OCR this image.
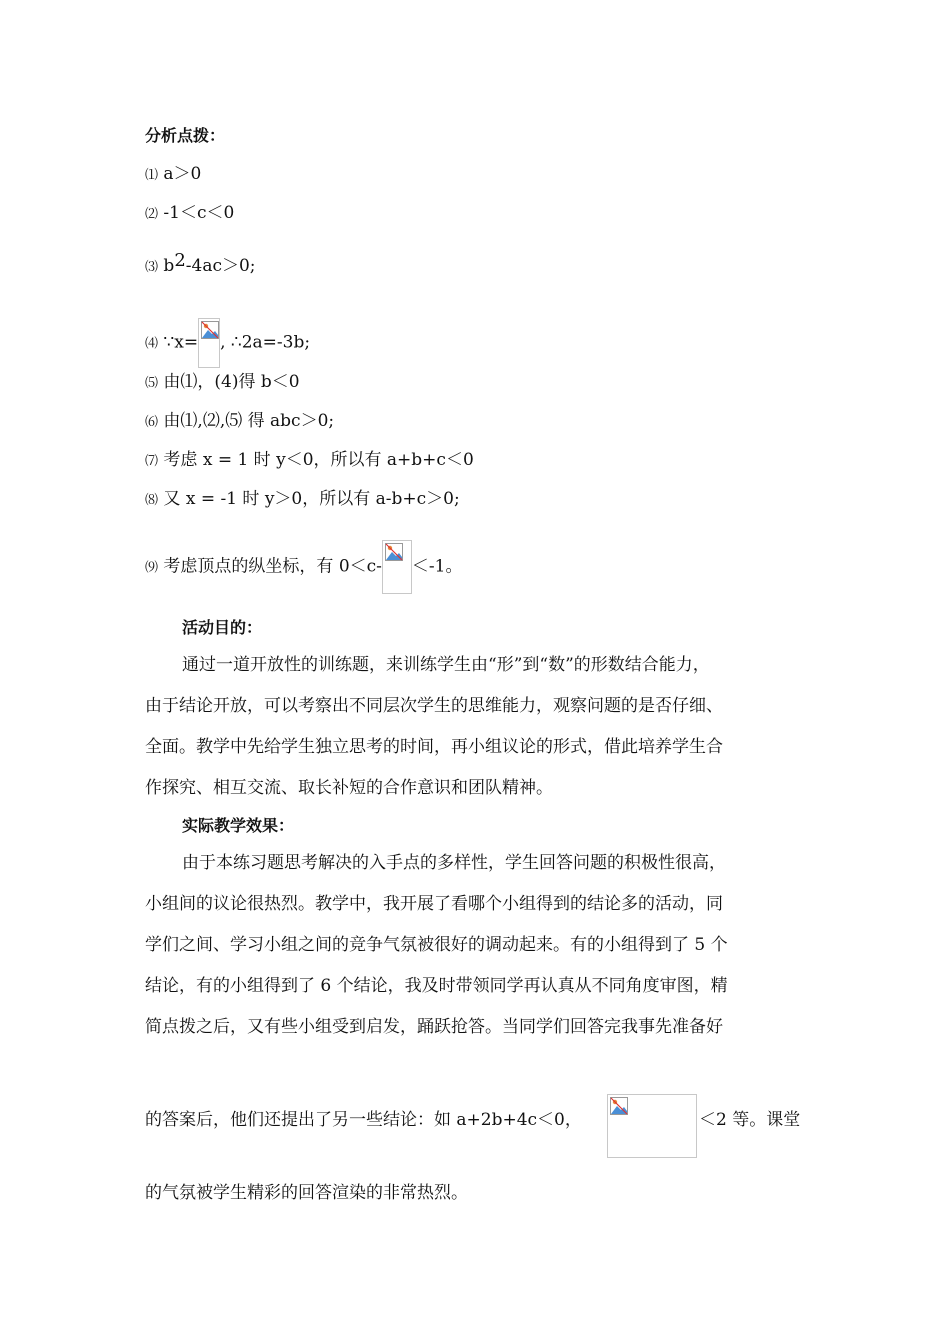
分析点拨：
⑴ a＞0
⑵ -1＜c＜0
⑶ b2-4ac＞0;
⑷ ∵x= , ∴2a=-3b;
⑸ 由⑴，(4)得 b＜0
⑹ 由⑴,⑵,⑸ 得 abc＞0;
⑺ 考虑 x = 1 时 y＜0，所以有 a+b+c＜0
⑻ 又 x = -1 时 y＞0，所以有 a-b+c＞0;
⑼ 考虑顶点的纵坐标，有 0＜c- ＜-1。
活动目的：
通过一道开放性的训练题，来训练学生由“形”到“数”的形数结合能力，
由于结论开放，可以考察出不同层次学生的思维能力，观察问题的是否仔细、
全面。教学中先给学生独立思考的时间，再小组议论的形式，借此培养学生合
作探究、相互交流、取长补短的合作意识和团队精神。
实际教学效果：
由于本练习题思考解决的入手点的多样性，学生回答问题的积极性很高，
小组间的议论很热烈。教学中，我开展了看哪个小组得到的结论多的活动，同
学们之间、学习小组之间的竞争气氛被很好的调动起来。有的小组得到了 5 个
结论，有的小组得到了 6 个结论，我及时带领同学再认真从不同角度审图，精
简点拨之后，又有些小组受到启发，踊跃抢答。当同学们回答完我事先准备好
的答案后，他们还提出了另一些结论：如 a+2b+4c＜0，	＜2 等。课堂
的气氛被学生精彩的回答渲染的非常热烈。
